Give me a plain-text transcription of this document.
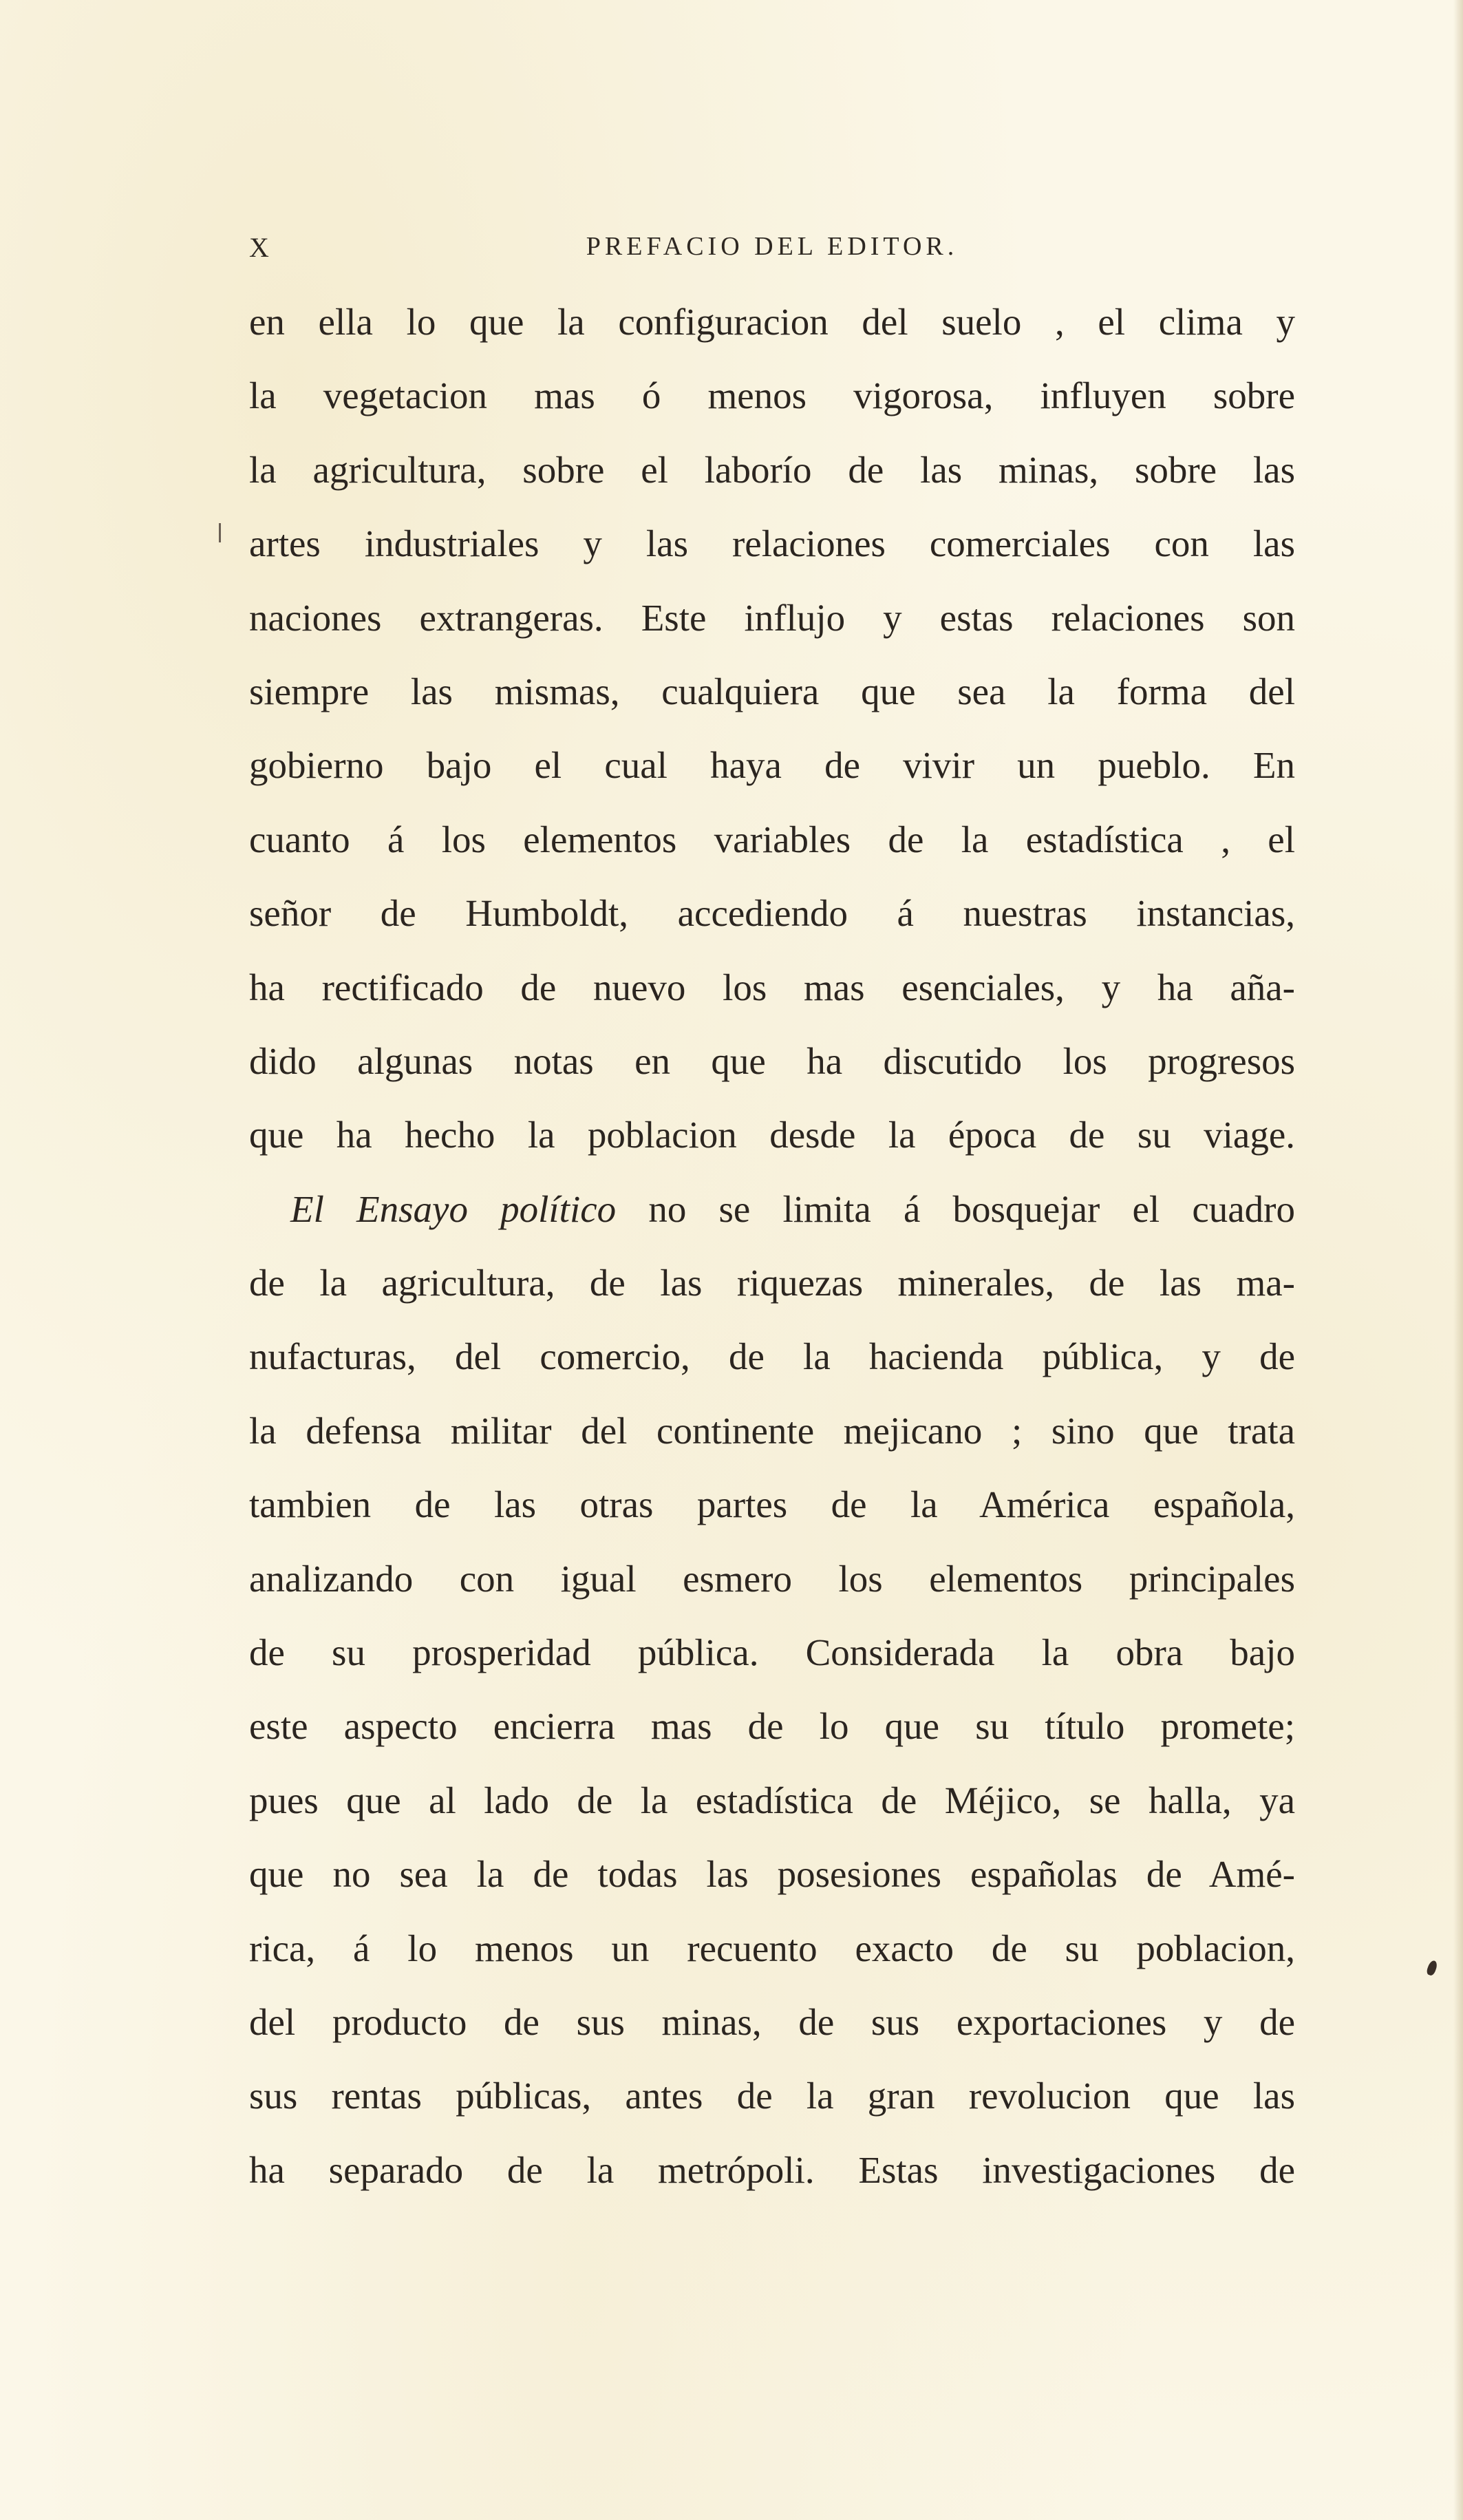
X	PREFACIO DEL EDITOR.
en ella lo que la configuracion del suelo , el clima y
la vegetacion mas ó menos vigorosa, influyen sobre
la agricultura, sobre el laborío de las minas, sobre las
artes industriales y las relaciones comerciales con las
naciones extrangeras. Este influjo y estas relaciones son
siempre las mismas, cualquiera que sea la forma del
gobierno bajo el cual haya de vivir un pueblo. En
cuanto á los elementos variables de la estadística , el
señor de Humboldt, accediendo á nuestras instancias,
ha rectificado de nuevo los mas esenciales, y ha aña-
dido algunas notas en que ha discutido los progresos
que ha hecho la poblacion desde la época de su viage.
El Ensayo político no se limita á bosquejar el cuadro
de la agricultura, de las riquezas minerales, de las ma-
nufacturas, del comercio, de la hacienda pública, y de
la defensa militar del continente mejicano ; sino que trata
tambien de las otras partes de la América española,
analizando con igual esmero los elementos principales
de su prosperidad pública. Considerada la obra bajo
este aspecto encierra mas de lo que su título promete;
pues que al lado de la estadística de Méjico, se halla, ya
que no sea la de todas las posesiones españolas de Amé-
rica, á lo menos un recuento exacto de su poblacion,
del producto de sus minas, de sus exportaciones y de
sus rentas públicas, antes de la gran revolucion que las
ha separado de la metrópoli. Estas investigaciones de
